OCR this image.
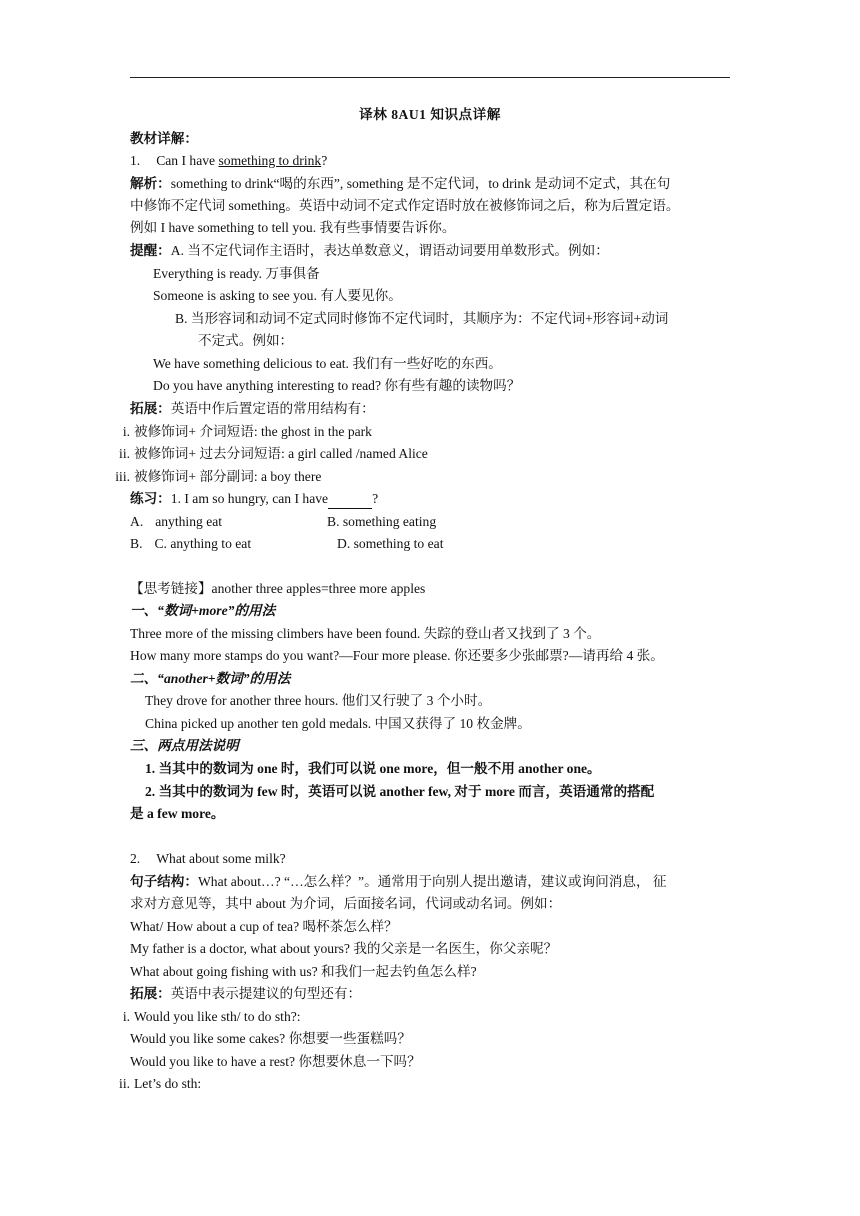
译林 8AU1 知识点详解
教材详解：
1. Can I have something to drink?
解析：something to drink“喝的东西”, something 是不定代词，to drink 是动词不定式，其在句
中修饰不定代词 something。英语中动词不定式作定语时放在被修饰词之后，称为后置定语。
例如 I have something to tell you. 我有些事情要告诉你。
提醒：A. 当不定代词作主语时，表达单数意义，谓语动词要用单数形式。例如：
Everything is ready. 万事俱备
Someone is asking to see you. 有人要见你。
B. 当形容词和动词不定式同时修饰不定代词时，其顺序为：不定代词+形容词+动词
不定式。例如：
We have something delicious to eat. 我们有一些好吃的东西。
Do you have anything interesting to read? 你有些有趣的读物吗？
拓展：英语中作后置定语的常用结构有：
i. 被修饰词+ 介词短语: the ghost in the park
ii. 被修饰词+ 过去分词短语: a girl called /named Alice
iii. 被修饰词+ 部分副词: a boy there
练习：1. I am so hungry, can I have	?
A. anything eat	B. something eating
B. C. anything to eat	D. something to eat
【思考链接】another three apples=three more apples
一、“数词+more”的用法
Three more of the missing climbers have been found. 失踪的登山者又找到了 3 个。
How many more stamps do you want?—Four more please. 你还要多少张邮票?—请再给 4 张。
二、“another+数词”的用法
They drove for another three hours. 他们又行驶了 3 个小时。
China picked up another ten gold medals. 中国又获得了 10 枚金牌。
三、两点用法说明
1. 当其中的数词为 one 时，我们可以说 one more，但一般不用 another one。
2. 当其中的数词为 few 时，英语可以说 another few, 对于 more 而言，英语通常的搭配
是 a few more。
2. What about some milk?
句子结构：What about…? “…怎么样？”。通常用于向别人提出邀请，建议或询问消息， 征
求对方意见等，其中 about 为介词，后面接名词，代词或动名词。例如：
What/ How about a cup of tea? 喝杯茶怎么样？
My father is a doctor, what about yours? 我的父亲是一名医生，你父亲呢？
What about going fishing with us? 和我们一起去钓鱼怎么样?
拓展：英语中表示提建议的句型还有：
i. Would you like sth/ to do sth?:
Would you like some cakes? 你想要一些蛋糕吗？
Would you like to have a rest? 你想要休息一下吗？
ii. Let’s do sth:
